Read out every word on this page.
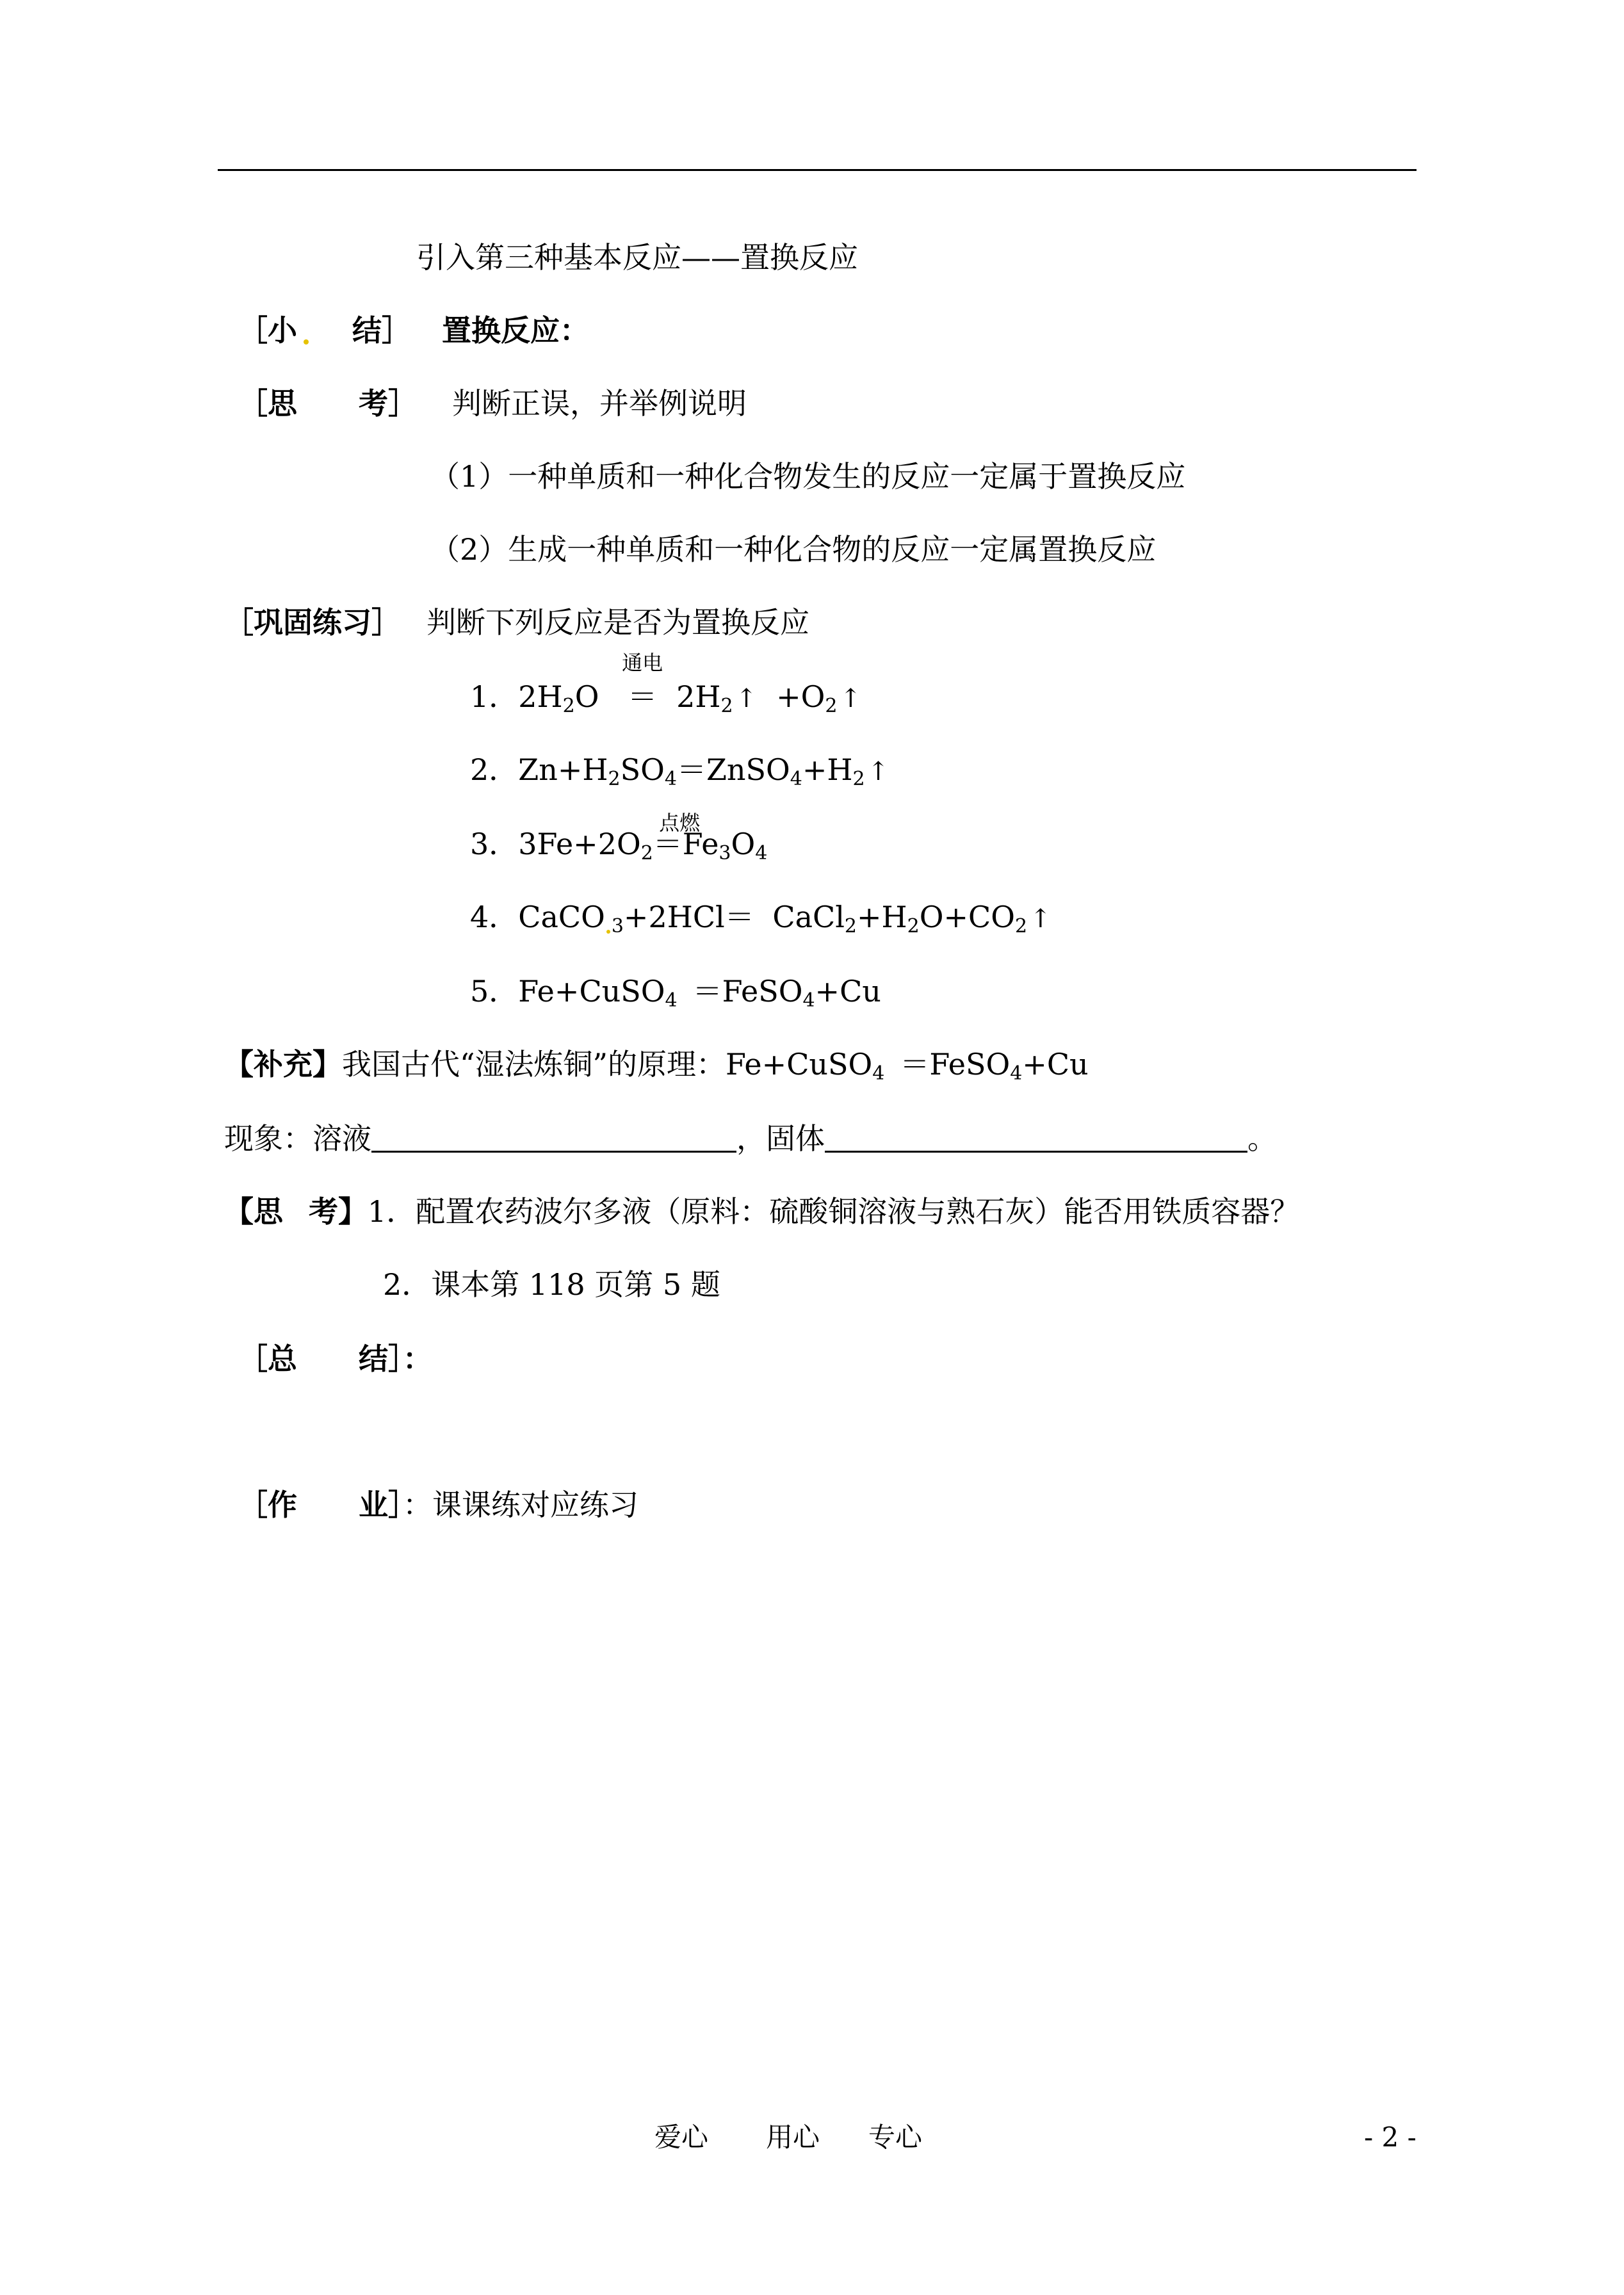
引入第三种基本反应——置换反应
［小 结］ 置换反应：
［思 考］ 判断正误，并举例说明
（1）一种单质和一种化合物发生的反应一定属于置换反应
（2）生成一种单质和一种化合物的反应一定属置换反应
［巩固练习］ 判断下列反应是否为置换反应
1．$2H_2O$
通电
＝ $2H_2$ ↑ $+O_2$ ↑
2．$Zn+H_2SO_4=ZnSO_4+H_2$ ↑
3．$3Fe+2O_2$
点燃
$=Fe_3O_4$
4．CaCO $_3+2HCl= CaCl_2+H_2O+CO_2$ ↑
5．Fe+CuSO$_4$ ＝FeSO$_4$+Cu
【补充】我国古代“湿法炼铜”的原理：Fe+CuSO$_4$ ＝FeSO$_4$+Cu
现象：溶液	，固体	。
【思 考】1．配置农药波尔多液（原料：硫酸铜溶液与熟石灰）能否用铁质容器？
2．课本第 118 页第 5 题
［总 结］：
［作 业］：课课练对应练习
爱心 用心 专心	- 2 -
